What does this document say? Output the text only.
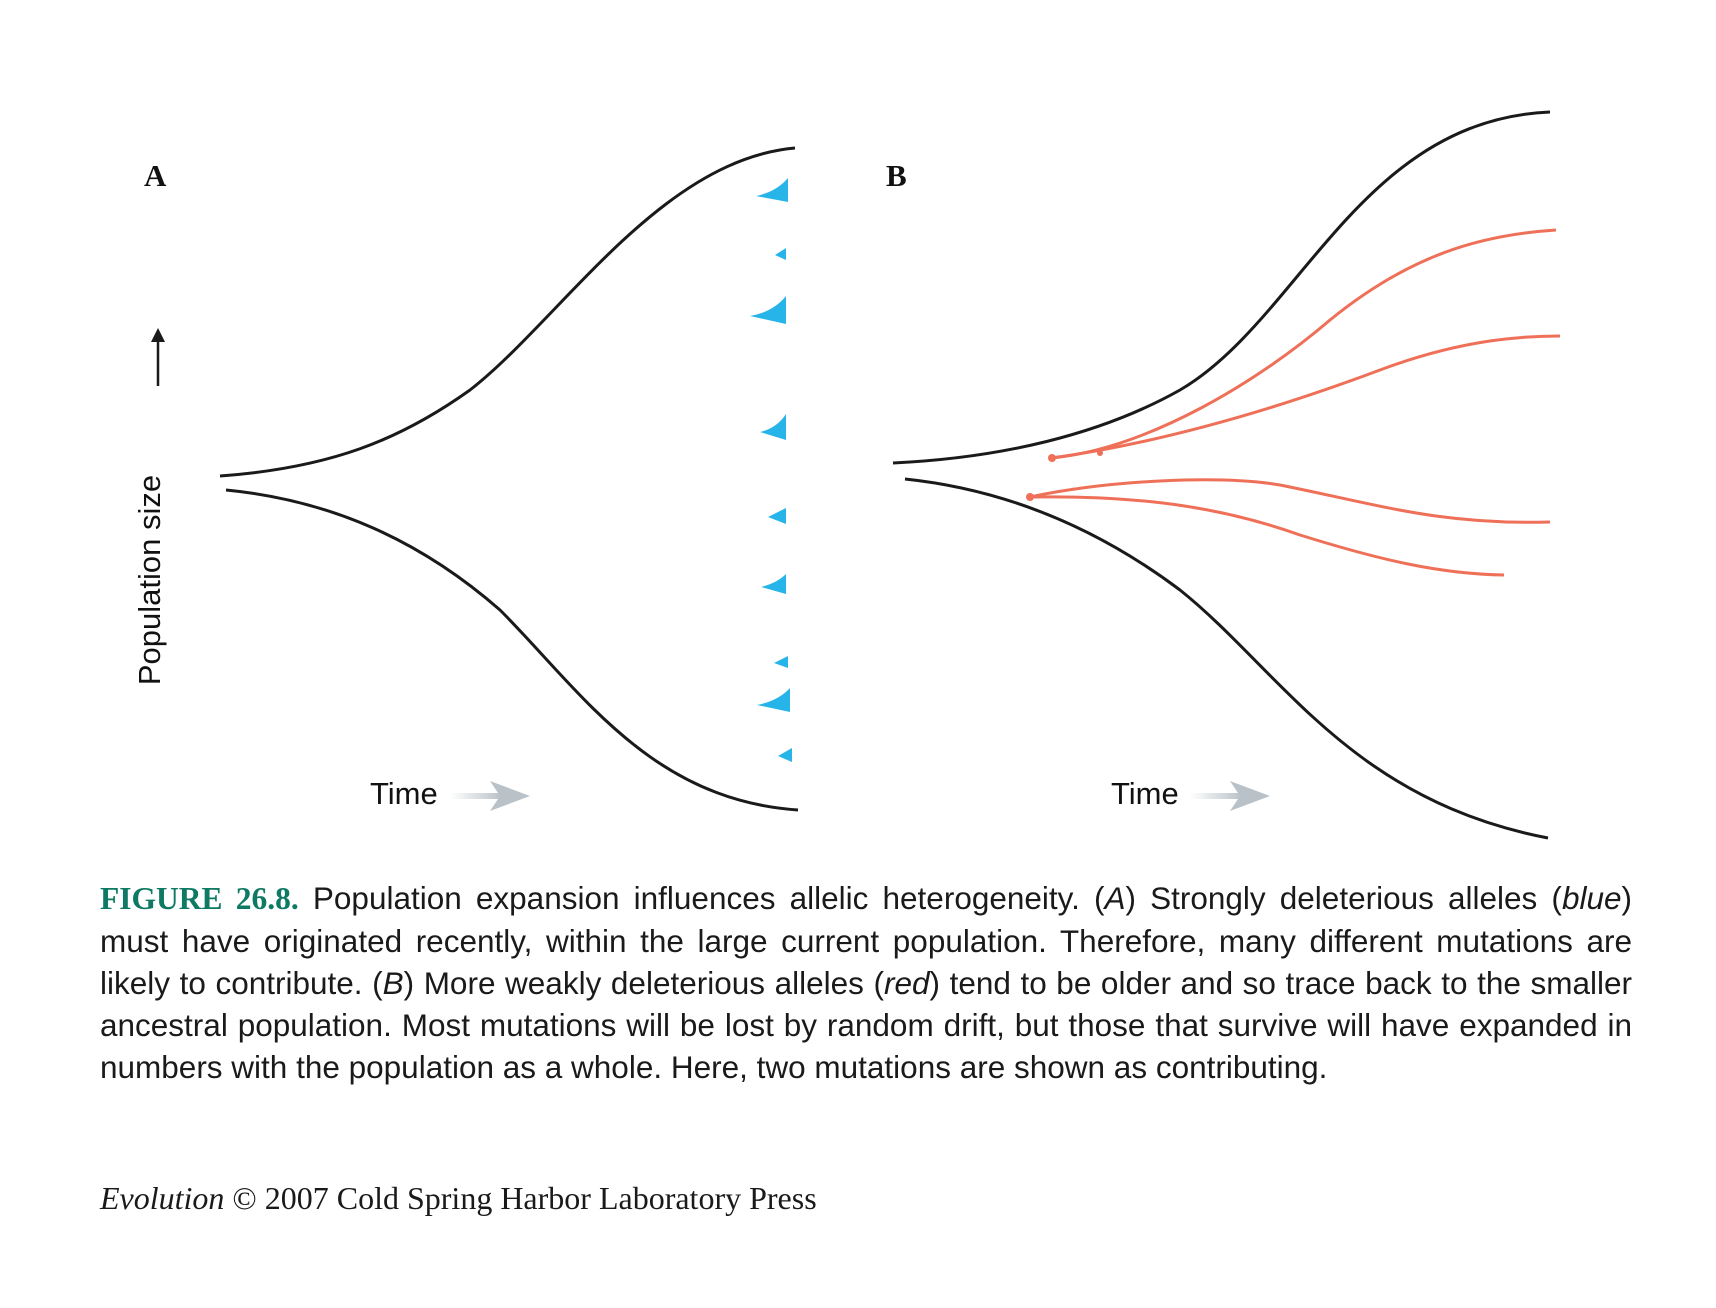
A	B
Population size
Time	Time
FIGURE 26.8. Population expansion influences allelic heterogeneity. (A) Strongly deleterious alleles (blue) must have originated recently, within the large current population. Therefore, many different mutations are likely to contribute. (B) More weakly deleterious alleles (red) tend to be older and so trace back to the smaller ancestral population. Most mutations will be lost by random drift, but those that survive will have expanded in numbers with the population as a whole. Here, two mutations are shown as contributing.
Evolution © 2007 Cold Spring Harbor Laboratory Press
